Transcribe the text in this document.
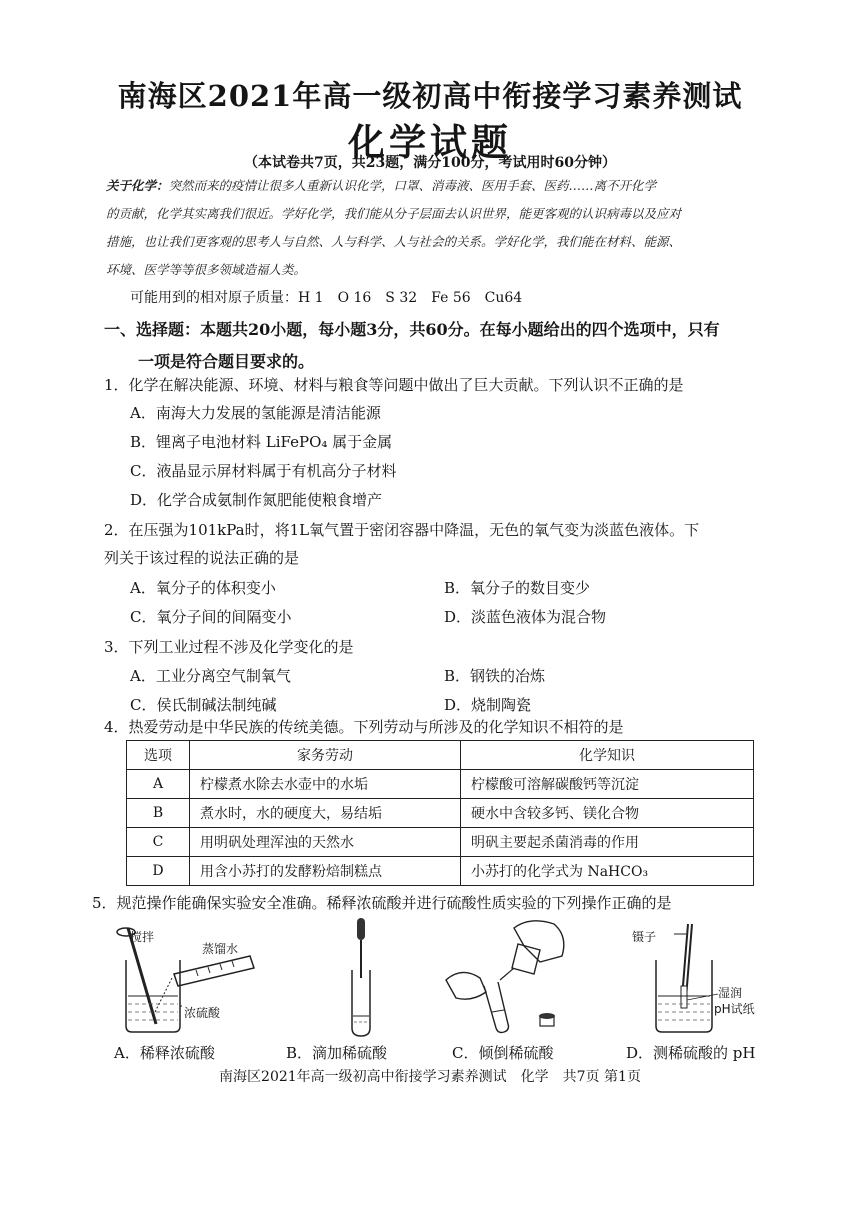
南海区2021年高一级初高中衔接学习素养测试
化学试题
（本试卷共7页，共23题，满分100分，考试用时60分钟）
关于化学：突然而来的疫情让很多人重新认识化学，口罩、消毒液、医用手套、医药……离不开化学
的贡献，化学其实离我们很近。学好化学，我们能从分子层面去认识世界，能更客观的认识病毒以及应对
措施，也让我们更客观的思考人与自然、人与科学、人与社会的关系。学好化学，我们能在材料、能源、
环境、医学等等很多领域造福人类。
可能用到的相对原子质量：H 1　O 16　S 32　Fe 56　Cu64
一、选择题：本题共20小题，每小题3分，共60分。在每小题给出的四个选项中，只有
一项是符合题目要求的。
1．化学在解决能源、环境、材料与粮食等问题中做出了巨大贡献。下列认识不正确的是
A．南海大力发展的氢能源是清洁能源
B．锂离子电池材料 LiFePO₄ 属于金属
C．液晶显示屏材料属于有机高分子材料
D．化学合成氨制作氮肥能使粮食增产
2．在压强为101kPa时，将1L氧气置于密闭容器中降温，无色的氧气变为淡蓝色液体。下
列关于该过程的说法正确的是
A．氧分子的体积变小	B．氧分子的数目变少
C．氧分子间的间隔变小	D．淡蓝色液体为混合物
3．下列工业过程不涉及化学变化的是
A．工业分离空气制氧气	B．钢铁的冶炼
C．侯氏制碱法制纯碱	D．烧制陶瓷
4．热爱劳动是中华民族的传统美德。下列劳动与所涉及的化学知识不相符的是
选项	家务劳动	化学知识
A	柠檬煮水除去水壶中的水垢	柠檬酸可溶解碳酸钙等沉淀
B	煮水时，水的硬度大，易结垢	硬水中含较多钙、镁化合物
C	用明矾处理浑浊的天然水	明矾主要起杀菌消毒的作用
D	用含小苏打的发酵粉焙制糕点	小苏打的化学式为 NaHCO₃
5．规范操作能确保实验安全准确。稀释浓硫酸并进行硫酸性质实验的下列操作正确的是
搅拌
蒸馏水
浓硫酸
镊子
湿润
pH试纸
A．稀释浓硫酸	B．滴加稀硫酸	C．倾倒稀硫酸	D．测稀硫酸的 pH
南海区2021年高一级初高中衔接学习素养测试　化学　共7页 第1页
